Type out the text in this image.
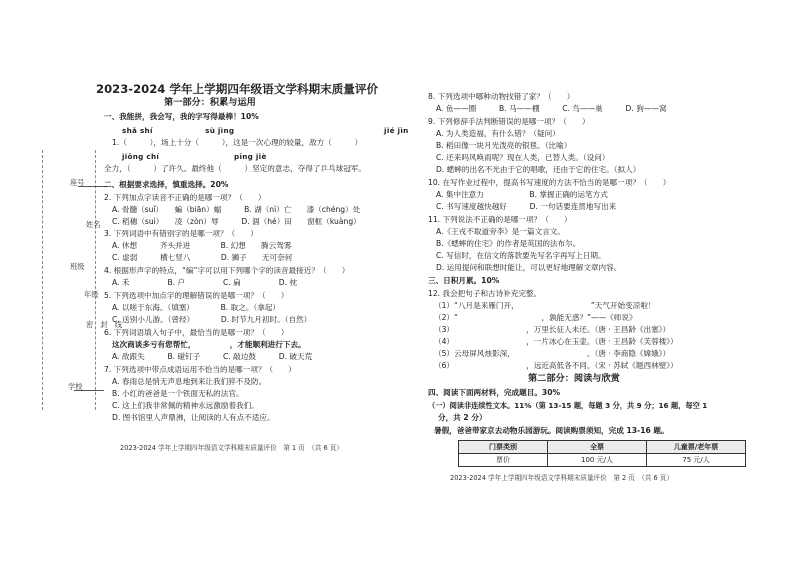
座号
姓名
班级
年级
学校
密　封　线
2023-2024 学年上学期四年级语文学科期末质量评价
第一部分：积累与运用
一、我能拼，我会写，我的字写得最棒！10%
shǎ shí　　　　　　　sù jìng　　　　　　　　　　　　　　　　　　　　jié jìn
1.（　　　），场上十分（　　　），这是一次心理的较量，敌方（　　　）
jiōng chí　　　　　　　　　　pīng jiè
全力，（　　　）了许久。最终他（　　　）坚定的意志，夺得了乒乓球冠军。
二、根据要求选择，慎重选择。20%
2. 下列加点字读音不正确的是哪一项？（　　）
A. 骨髓（suǐ）　　蝙（biān）蝠　　　B. 湖（nì）亡　　漆（chéng）处
C. 稻穗（suì）　　凌（zòn）辱　　　D. 涸（hé）田　　窗框（kuàng）
3. 下列词语中有错别字的是哪一项？（　　）
A. 休想　　　齐头并进　　　　B. 幻想　　腾云驾雾
C. 虚弱　　　横七竖八　　　　D. 狮子　　无可奈何
4. 根据形声字的特点，“编”字可以用下列哪个字的读音最接近？（　　）
A. 禾　　　　　B. 户　　　　　C. 扁　　　　　D. 枕
5. 下列选项中加点字的理解错误的是哪一项？（　　）
A. 以嗟于东海。（填塞）　　　　B. 取之。（拿起）
C. 送别小儿游。（曾经）　　　　D. 时节九月初时。（自然）
6. 下列词语填入句子中，最恰当的是哪一项？（　　）
这次商谈多亏有您帮忙，　　　　　，才能顺利进行下去。
A. 敌跟失　　　B. 碰钉子　　　C. 敲边鼓　　　D. 破天荒
7. 下列选项中带点成语运用不恰当的是哪一项？（　　）
A. 春雨总是悄无声息地到来让我们猝不及防。
B. 小红的爸爸是一个铁面无私的法官。
C. 这上们我非常佩的精神永远激励着我们。
D. 图书馆里人声鼎沸，让阅读的人有点不适应。
2023-2024 学年上学期四年级语文学科期末质量评价　第 1 页　（共 6 页）
8. 下列选项中哪种动物找错了家？（　　）
A. 鱼——圈　　　B. 马——棚　　　C. 鸟——巢　　　D. 狗——窝
9. 下列修辞手法判断错误的是哪一项？（　　）
A. 为人类造福，有什么错？（疑问）
B. 稻田像一块月光泼亮的银毯。（比喻）
C. 还来吗风唤雨呢？现在人类，已替人类。（设问）
D. 蟋蟀的出名不光由于它的唱歌，还由于它的住宅。（拟人）
10. 在写作业过程中，提高书写速度的方法不恰当的是哪一项？（　　）
A. 集中注意力　　　　　　B. 掌握正确的运笔方式
C. 书写速度越快越好　　　D. 一句话要连贯地写出来
11. 下列说法不正确的是哪一项？（　　）
A.《王戎不取道旁李》是一篇文言文。
B.《蟋蟀的住宅》的作者是英国的法布尔。
C. 写信时，在信文的落款要先写名字再写上日期。
D. 运用提问和联想时能让，可以更好地理解文章内容。
三、日积月累。10%
12. 我会把句子和古诗补充完整。
（1）“八月是来雁门开，　　　　　　　　　　”天气开始变凉啦！
（2）“　　　　　　　　　　　，孰能无惑？”——《师说》
（3）　　　　　　　　　　，万里长征人未还。（唐 · 王昌龄《出塞》）
（4）　　　　　　　　　　，一片冰心在玉壶。（唐 · 王昌龄《芙蓉楼》）
（5）云母屏风烛影深，　　　　　　　　　　。（唐 · 李商隐《嫦娥》）
（6）　　　　　　　　　　，远近高低各不同。（宋 · 苏轼《题西林壁》）
第二部分：阅读与欣赏
四、阅读下面两材料，完成题目。30%
（一）阅读非连续性文本。11%（第 13-15 题，每题 3 分，共 9 分；16 题，每空 1
分，共 2 分）
暑假，爸爸带家京去动物乐园游玩。阅读购票须知，完成 13-16 题。
门票类别	全票	儿童票/老年票
票价	100 元/人	75 元/人
2023-2024 学年上学期四年级语文学科期末质量评价　第 2 页　（共 6 页）
